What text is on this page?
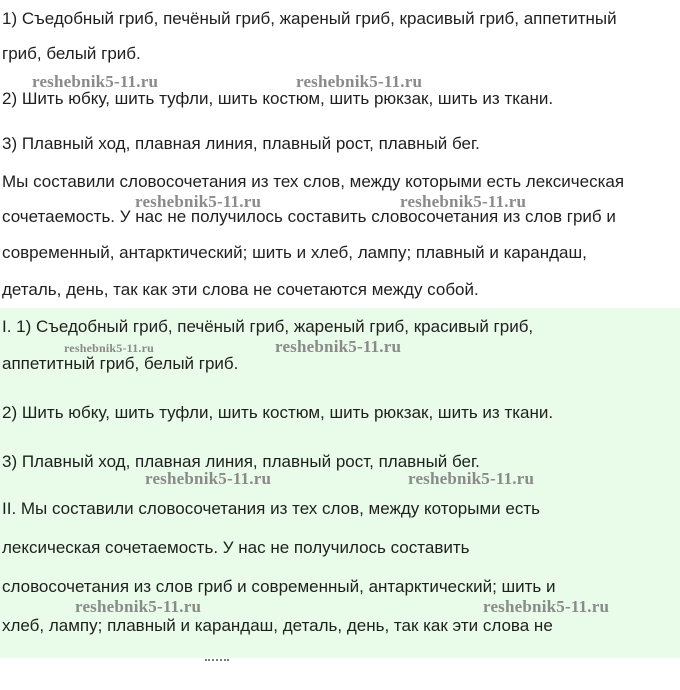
1) Съедобный гриб, печёный гриб, жареный гриб, красивый гриб, аппетитный
гриб, белый гриб.
2) Шить юбку, шить туфли, шить костюм, шить рюкзак, шить из ткани.
3) Плавный ход, плавная линия, плавный рост, плавный бег.
Мы составили словосочетания из тех слов, между которыми есть лексическая
сочетаемость. У нас не получилось составить словосочетания из слов гриб и
современный, антарктический; шить и хлеб, лампу; плавный и карандаш,
деталь, день, так как эти слова не сочетаются между собой.
I. 1) Съедобный гриб, печёный гриб, жареный гриб, красивый гриб,
аппетитный гриб, белый гриб.
2) Шить юбку, шить туфли, шить костюм, шить рюкзак, шить из ткани.
3) Плавный ход, плавная линия, плавный рост, плавный бег.
II. Мы составили словосочетания из тех слов, между которыми есть
лексическая сочетаемость. У нас не получилось составить
словосочетания из слов гриб и современный, антарктический; шить и
хлеб, лампу; плавный и карандаш, деталь, день, так как эти слова не
reshebnik5-11.ru	reshebnik5-11.ru
reshebnik5-11.ru	reshebnik5-11.ru
reshebnik5-11.ru	reshebnik5-11.ru
reshebnik5-11.ru	reshebnik5-11.ru
reshebnik5-11.ru	reshebnik5-11.ru
